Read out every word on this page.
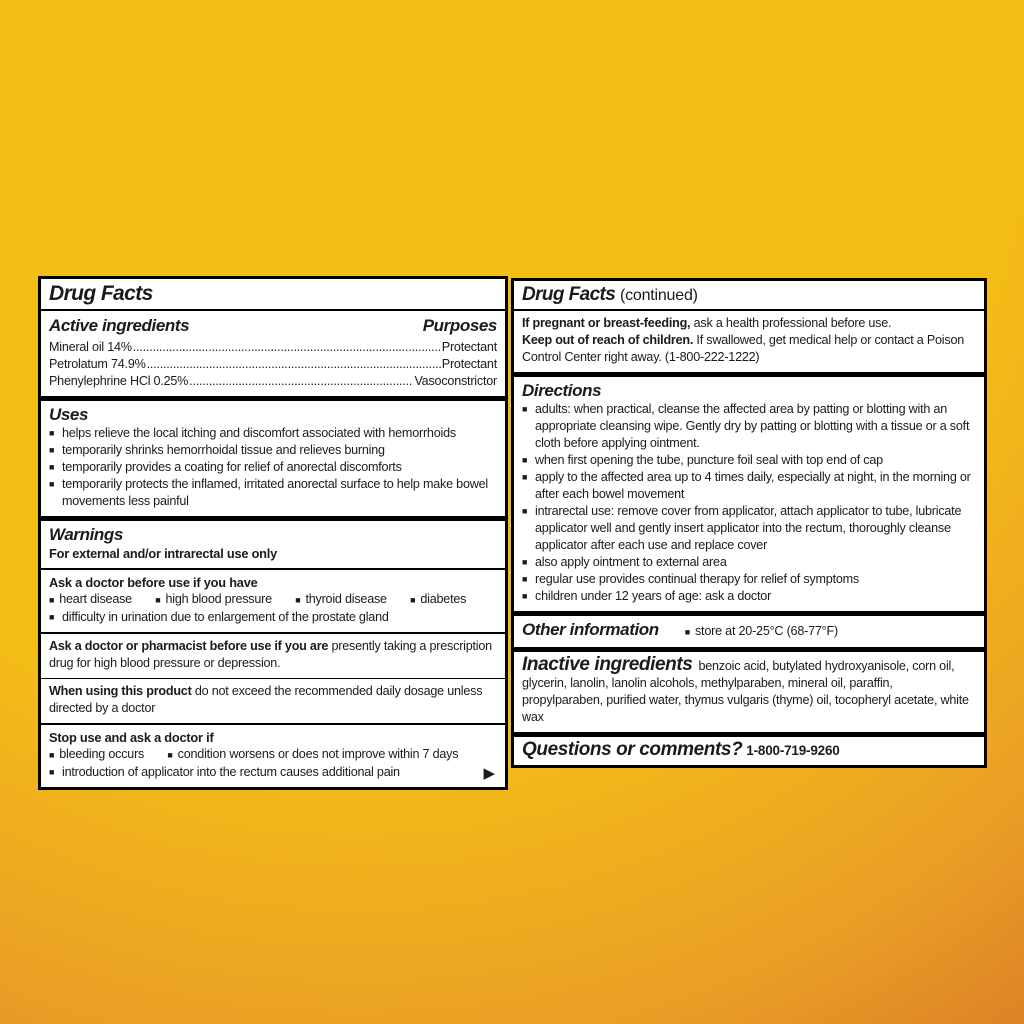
Drug Facts
Active ingredients	Purposes
Mineral oil 14% .....	Protectant
Petrolatum 74.9% .....	Protectant
Phenylephrine HCl 0.25% .....	Vasoconstrictor
Uses
■ helps relieve the local itching and discomfort associated with hemorrhoids
■ temporarily shrinks hemorrhoidal tissue and relieves burning
■ temporarily provides a coating for relief of anorectal discomforts
■ temporarily protects the inflamed, irritated anorectal surface to help make bowel movements less painful
Warnings
For external and/or intrarectal use only
Ask a doctor before use if you have
■ heart disease	■ high blood pressure	■ thyroid disease	■ diabetes
■ difficulty in urination due to enlargement of the prostate gland

Ask a doctor or pharmacist before use if you are presently taking a prescription drug for high blood pressure or depression.

When using this product do not exceed the recommended daily dosage unless directed by a doctor

Stop use and ask a doctor if
■ bleeding occurs	■ condition worsens or does not improve within 7 days
■ introduction of applicator into the rectum causes additional pain	▶
Drug Facts (continued)

If pregnant or breast-feeding, ask a health professional before use.

Keep out of reach of children. If swallowed, get medical help or contact a Poison Control Center right away. (1-800-222-1222)

Directions
■ adults: when practical, cleanse the affected area by patting or blotting with an appropriate cleansing wipe. Gently dry by patting or blotting with a tissue or a soft cloth before applying ointment.
■ when first opening the tube, puncture foil seal with top end of cap
■ apply to the affected area up to 4 times daily, especially at night, in the morning or after each bowel movement
■ intrarectal use: remove cover from applicator, attach applicator to tube, lubricate applicator well and gently insert applicator into the rectum, thoroughly cleanse applicator after each use and replace cover
■ also apply ointment to external area
■ regular use provides continual therapy for relief of symptoms
■ children under 12 years of age: ask a doctor
Other information	■ store at 20-25°C (68-77°F)
Inactive ingredients benzoic acid, butylated hydroxyanisole, corn oil, glycerin, lanolin, lanolin alcohols, methylparaben, mineral oil, paraffin, propylparaben, purified water, thymus vulgaris (thyme) oil, tocopheryl acetate, white wax
Questions or comments? 1-800-719-9260
